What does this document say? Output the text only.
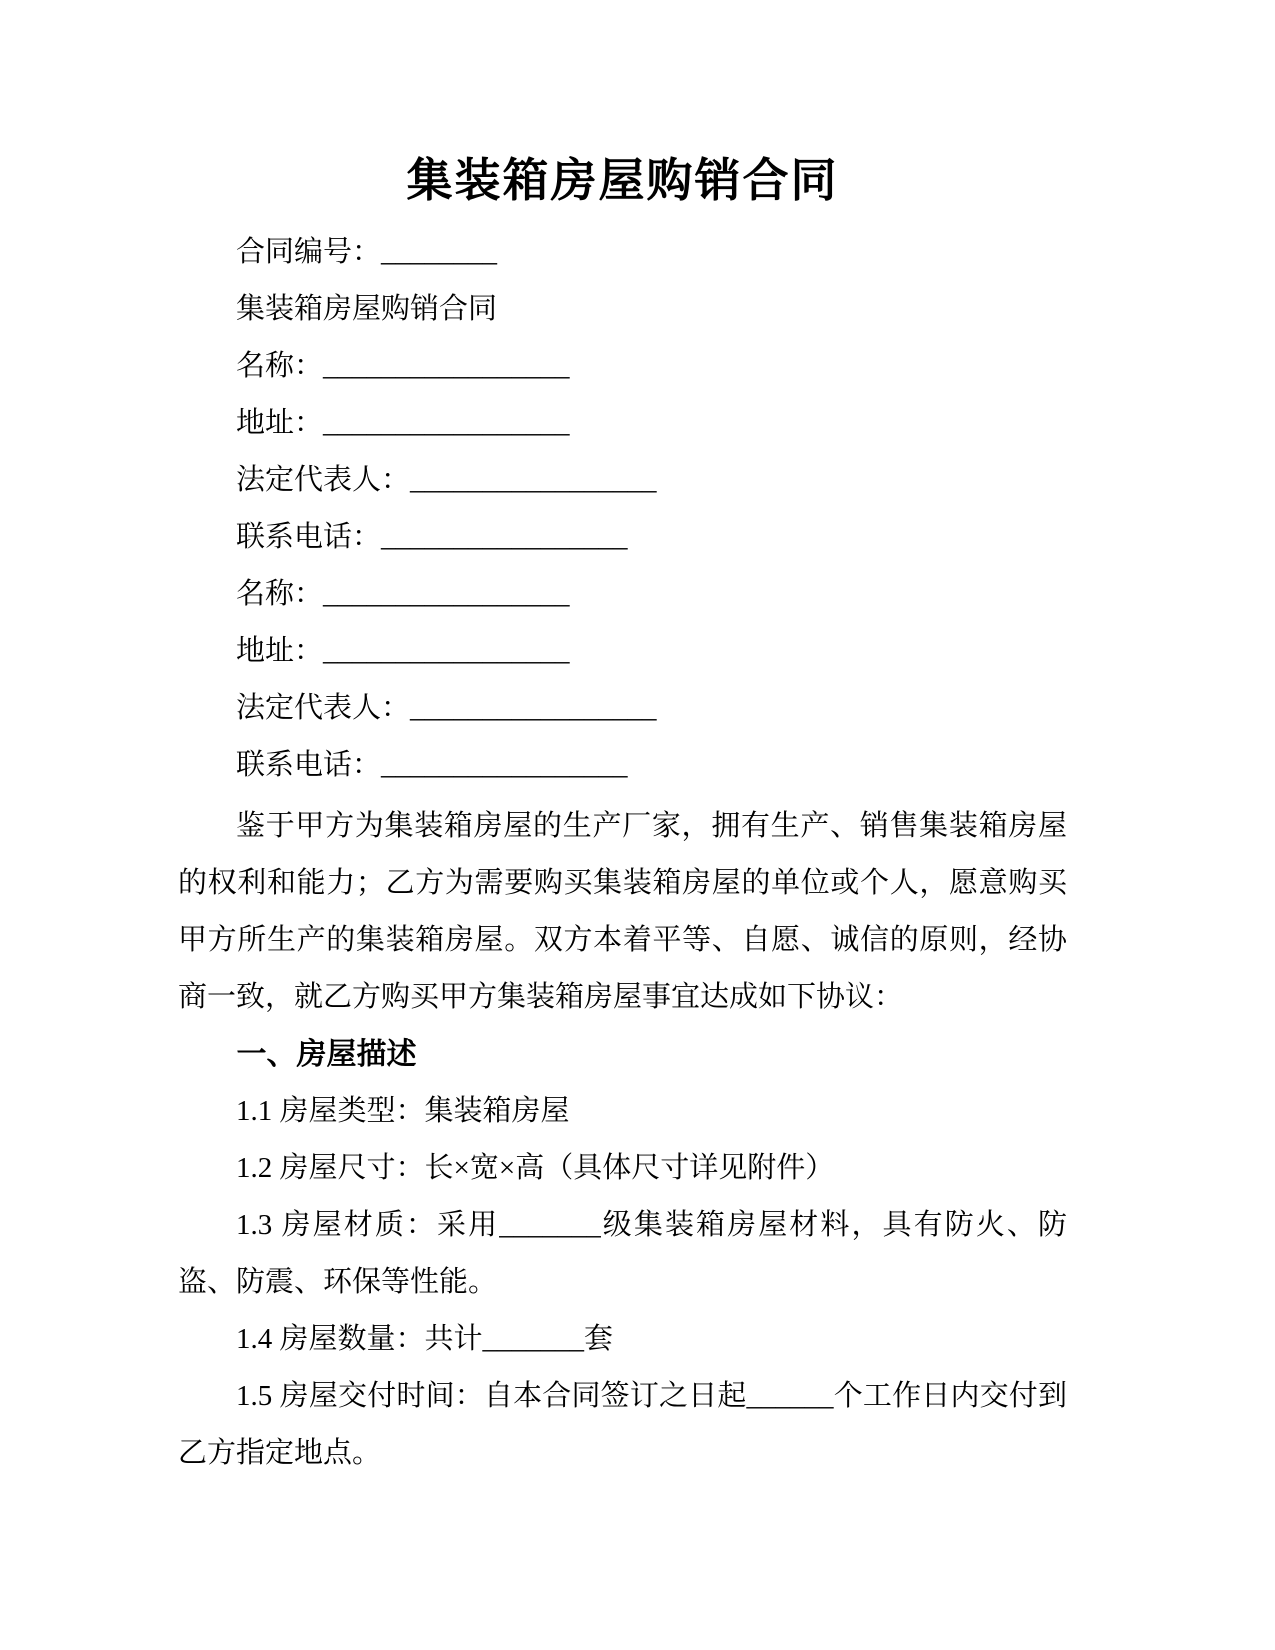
集装箱房屋购销合同

合同编号：________

集装箱房屋购销合同

名称：_________________

地址：_________________

法定代表人：_________________

联系电话：_________________

名称：_________________

地址：_________________

法定代表人：_________________

联系电话：_________________

鉴于甲方为集装箱房屋的生产厂家，拥有生产、销售集装箱房屋的权利和能力；乙方为需要购买集装箱房屋的单位或个人，愿意购买甲方所生产的集装箱房屋。双方本着平等、自愿、诚信的原则，经协商一致，就乙方购买甲方集装箱房屋事宜达成如下协议：

一、房屋描述

1.1 房屋类型：集装箱房屋

1.2 房屋尺寸：长×宽×高（具体尺寸详见附件）

1.3 房屋材质：采用_______级集装箱房屋材料，具有防火、防盗、防震、环保等性能。

1.4 房屋数量：共计_______套

1.5 房屋交付时间：自本合同签订之日起______个工作日内交付到乙方指定地点。
